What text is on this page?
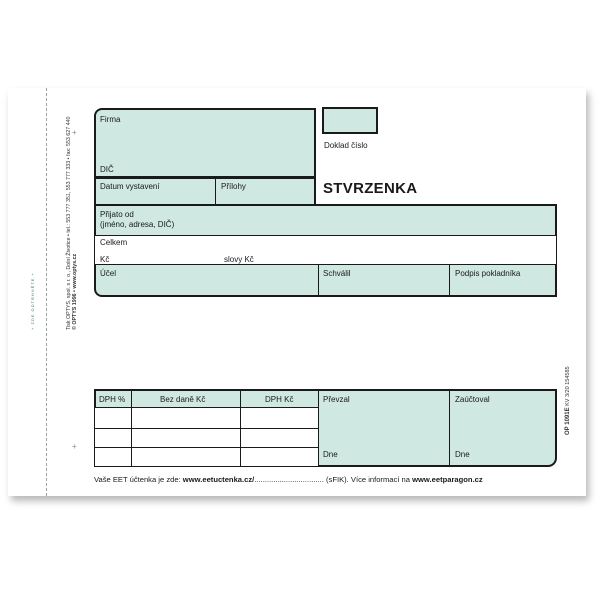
+ ZDE ODTRHNĚTE +	Tisk OPTYS, spol. s r. o., Dolní Životice • tel.: 553 777 351, 553 777 333 • fax: 553 627 440 © OPTYS 1996 • www.optys.cz
OP 1091E KV 3/20 154585
+
+
Firma
DIČ
Doklad číslo
Datum vystavení	Přílohy	STVRZENKA
Přijato od
(jméno, adresa, DIČ)
Celkem
Kč	slovy Kč
Účel	Schválil	Podpis pokladníka
DPH %	Bez daně Kč	DPH Kč	Převzal	Zaúčtoval
Dne	Dne
Vaše EET účtenka je zde: www.eetuctenka.cz/................................. (sFIK). Více informací na www.eetparagon.cz
